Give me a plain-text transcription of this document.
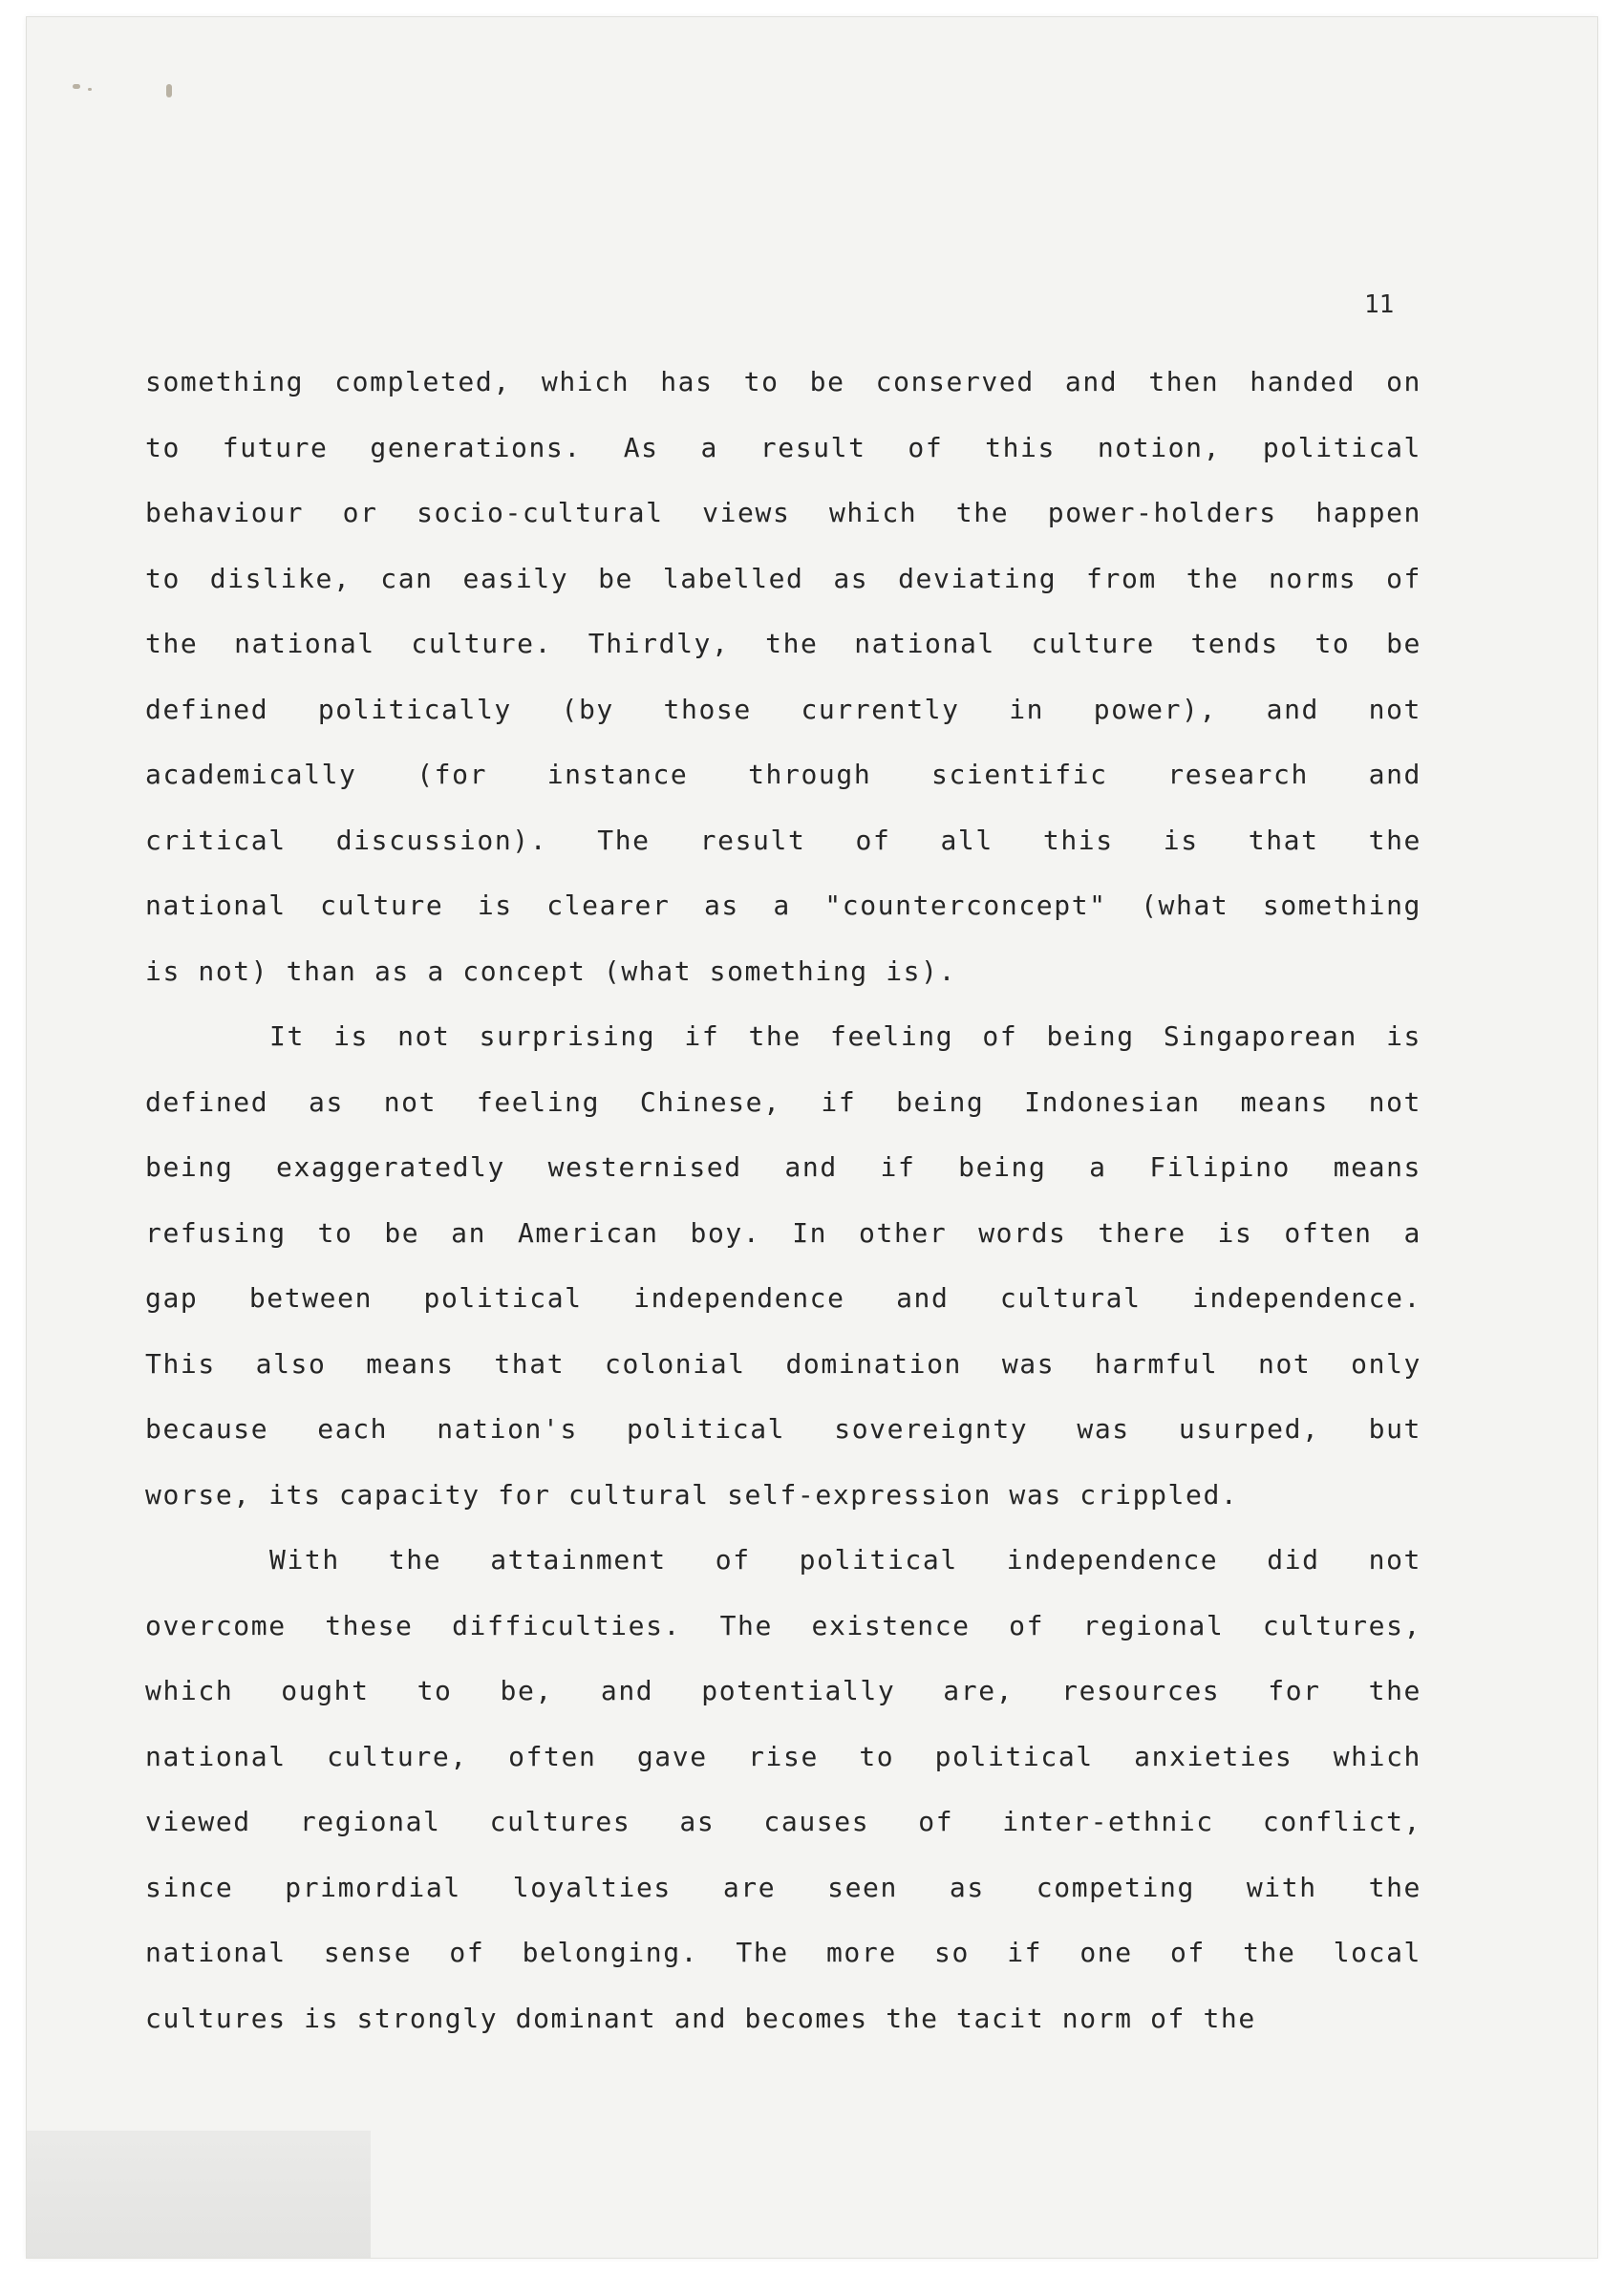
11
something completed, which has to be conserved and then handed on
to future generations. As a result of this notion, political
behaviour or socio-cultural views which the power-holders happen
to dislike, can easily be labelled as deviating from the norms of
the national culture. Thirdly, the national culture tends to be
defined politically (by those currently in power), and not
academically (for instance through scientific research and
critical discussion). The result of all this is that the
national culture is clearer as a "counterconcept" (what something
is not) than as a concept (what something is).
It is not surprising if the feeling of being Singaporean is
defined as not feeling Chinese, if being Indonesian means not
being exaggeratedly westernised and if being a Filipino means
refusing to be an American boy. In other words there is often a
gap between political independence and cultural independence.
This also means that colonial domination was harmful not only
because each nation's political sovereignty was usurped, but
worse, its capacity for cultural self-expression was crippled.
With the attainment of political independence did not
overcome these difficulties. The existence of regional cultures,
which ought to be, and potentially are, resources for the
national culture, often gave rise to political anxieties which
viewed regional cultures as causes of inter-ethnic conflict,
since primordial loyalties are seen as competing with the
national sense of belonging. The more so if one of the local
cultures is strongly dominant and becomes the tacit norm of the
